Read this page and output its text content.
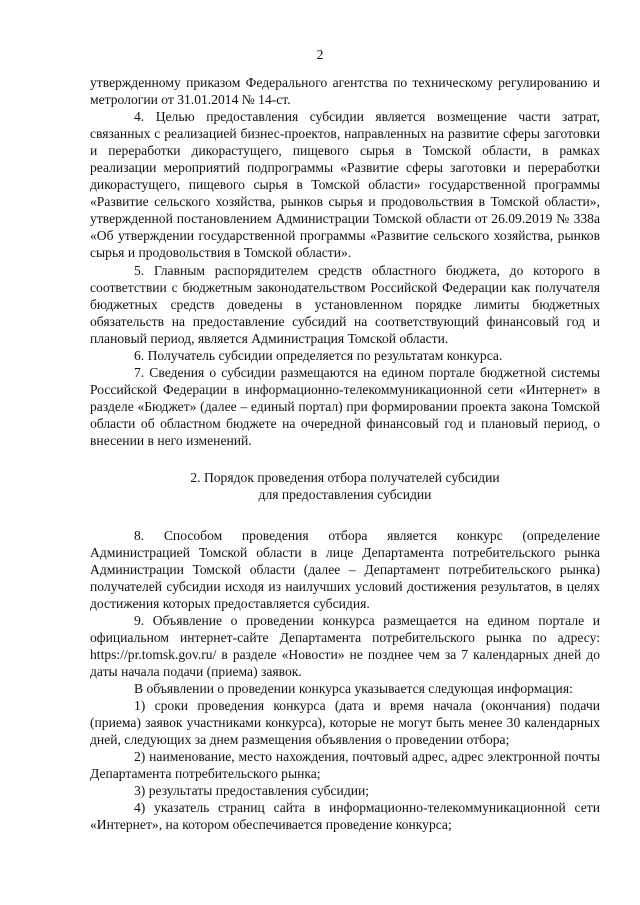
2

утвержденному приказом Федерального агентства по техническому регулированию и метрологии от 31.01.2014 № 14-ст.

4. Целью предоставления субсидии является возмещение части затрат, связанных с реализацией бизнес-проектов, направленных на развитие сферы заготовки и переработки дикорастущего, пищевого сырья в Томской области, в рамках реализации мероприятий подпрограммы «Развитие сферы заготовки и переработки дикорастущего, пищевого сырья в Томской области» государственной программы «Развитие сельского хозяйства, рынков сырья и продовольствия в Томской области», утвержденной постановлением Администрации Томской области от 26.09.2019 № 338а «Об утверждении государственной программы «Развитие сельского хозяйства, рынков сырья и продовольствия в Томской области».

5. Главным распорядителем средств областного бюджета, до которого в соответствии с бюджетным законодательством Российской Федерации как получателя бюджетных средств доведены в установленном порядке лимиты бюджетных обязательств на предоставление субсидий на соответствующий финансовый год и плановый период, является Администрация Томской области.

6. Получатель субсидии определяется по результатам конкурса.

7. Сведения о субсидии размещаются на едином портале бюджетной системы Российской Федерации в информационно-телекоммуникационной сети «Интернет» в разделе «Бюджет» (далее – единый портал) при формировании проекта закона Томской области об областном бюджете на очередной финансовый год и плановый период, о внесении в него изменений.

2. Порядок проведения отбора получателей субсидии
для предоставления субсидии

8. Способом проведения отбора является конкурс (определение Администрацией Томской области в лице Департамента потребительского рынка Администрации Томской области (далее – Департамент потребительского рынка) получателей субсидии исходя из наилучших условий достижения результатов, в целях достижения которых предоставляется субсидия.

9. Объявление о проведении конкурса размещается на едином портале и официальном интернет-сайте Департамента потребительского рынка по адресу: https://pr.tomsk.gov.ru/ в разделе «Новости» не позднее чем за 7 календарных дней до даты начала подачи (приема) заявок.

В объявлении о проведении конкурса указывается следующая информация:

1) сроки проведения конкурса (дата и время начала (окончания) подачи (приема) заявок участниками конкурса), которые не могут быть менее 30 календарных дней, следующих за днем размещения объявления о проведении отбора;

2) наименование, место нахождения, почтовый адрес, адрес электронной почты Департамента потребительского рынка;

3) результаты предоставления субсидии;

4) указатель страниц сайта в информационно-телекоммуникационной сети «Интернет», на котором обеспечивается проведение конкурса;
